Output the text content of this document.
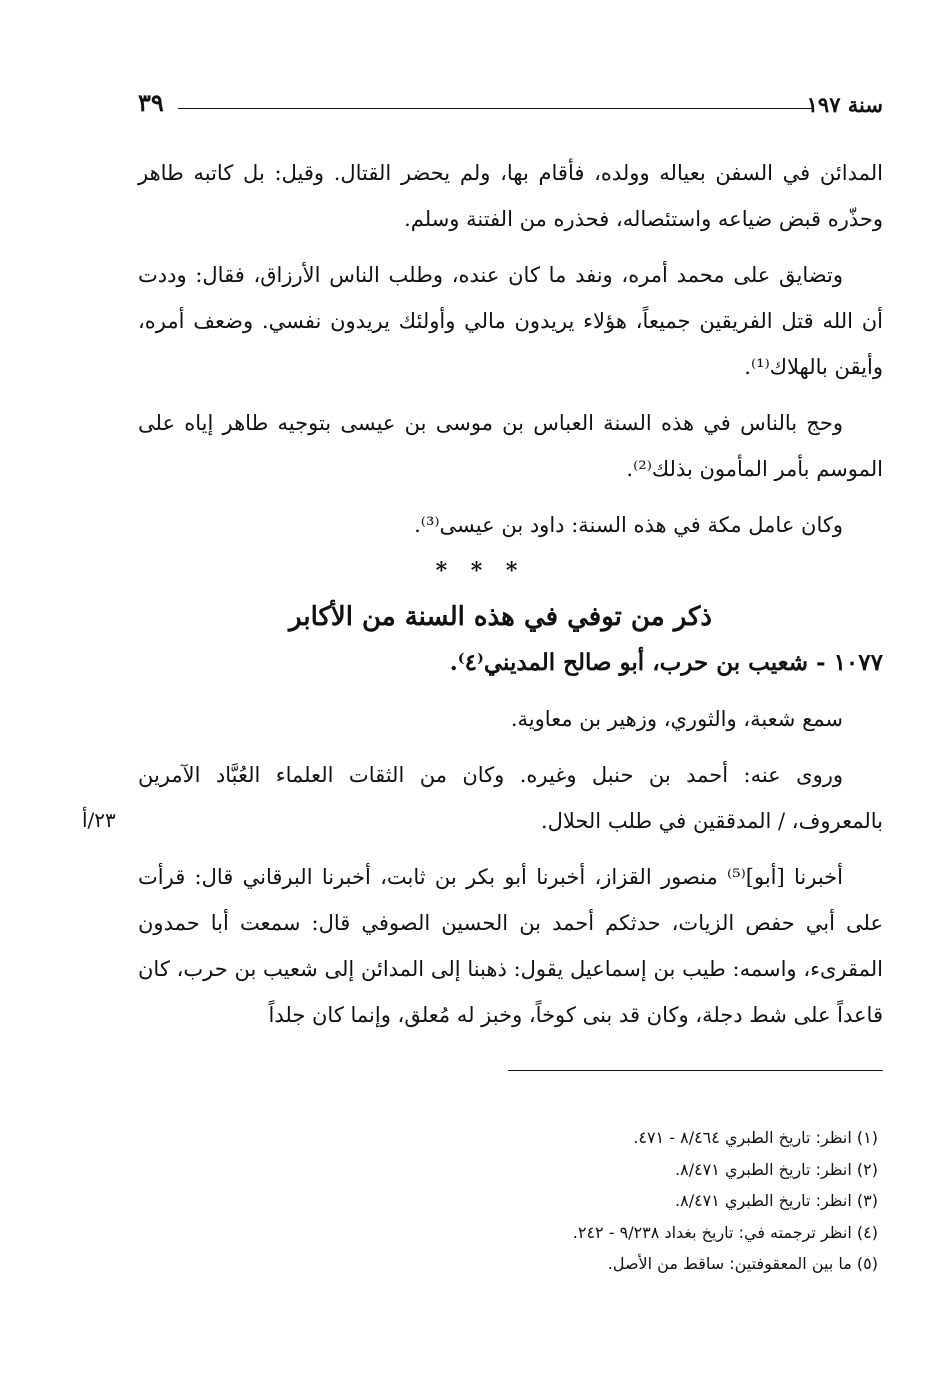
سنة ١٩٧
٣٩

المدائن في السفن بعياله وولده، فأقام بها، ولم يحضر القتال. وقيل: بل كاتبه طاهر وحذّره قبض ضياعه واستئصاله، فحذره من الفتنة وسلم.

وتضايق على محمد أمره، ونفد ما كان عنده، وطلب الناس الأرزاق، فقال: وددت أن الله قتل الفريقين جميعاً، هؤلاء يريدون مالي وأولئك يريدون نفسي. وضعف أمره، وأيقن بالهلاك⁽¹⁾.

وحج بالناس في هذه السنة العباس بن موسى بن عيسى بتوجيه طاهر إياه على الموسم بأمر المأمون بذلك⁽²⁾.

وكان عامل مكة في هذه السنة: داود بن عيسى⁽³⁾.

* * *

ذكر من توفي في هذه السنة من الأكابر

١٠٧٧ - شعيب بن حرب، أبو صالح المديني⁽٤⁾.

سمع شعبة، والثوري، وزهير بن معاوية.

وروى عنه: أحمد بن حنبل وغيره. وكان من الثقات العلماء العُبَّاد الآمرين بالمعروف، / المدققين في طلب الحلال.

أخبرنا [أبو]⁽⁵⁾ منصور القزاز، أخبرنا أبو بكر بن ثابت، أخبرنا البرقاني قال: قرأت على أبي حفص الزيات، حدثكم أحمد بن الحسين الصوفي قال: سمعت أبا حمدون المقرىء، واسمه: طيب بن إسماعيل يقول: ذهبنا إلى المدائن إلى شعيب بن حرب، كان قاعداً على شط دجلة، وكان قد بنى كوخاً، وخبز له مُعلق، وإنما كان جلداً

٢٣/أ
(١) انظر: تاريخ الطبري ٨/٤٦٤ - ٤٧١.
(٢) انظر: تاريخ الطبري ٨/٤٧١.
(٣) انظر: تاريخ الطبري ٨/٤٧١.
(٤) انظر ترجمته في: تاريخ بغداد ٩/٢٣٨ - ٢٤٢.
(٥) ما بين المعقوفتين: ساقط من الأصل.
